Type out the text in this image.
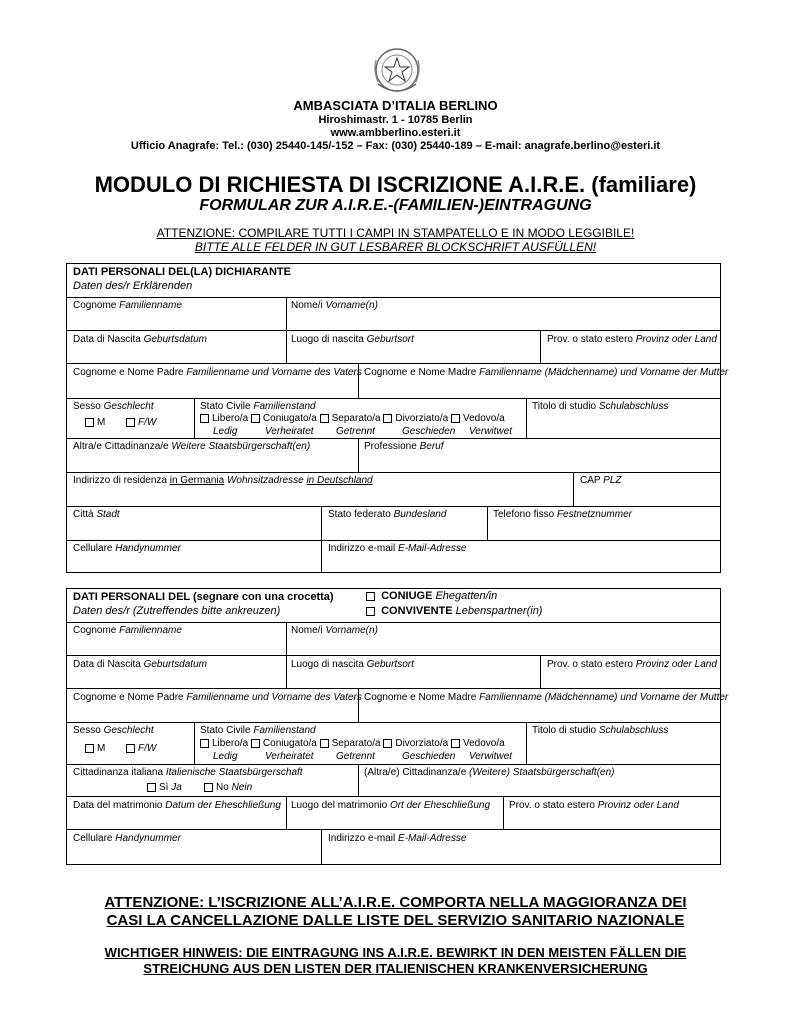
AMBASCIATA D’ITALIA BERLINO
Hiroshimastr. 1 - 10785 Berlin
www.ambberlino.esteri.it
Ufficio Anagrafe: Tel.: (030) 25440-145/-152 – Fax: (030) 25440-189 – E-mail: anagrafe.berlino@esteri.it
MODULO DI RICHIESTA DI ISCRIZIONE A.I.R.E. (familiare)
FORMULAR ZUR A.I.R.E.-(FAMILIEN-)EINTRAGUNG
ATTENZIONE: COMPILARE TUTTI I CAMPI IN STAMPATELLO E IN MODO LEGGIBILE!
BITTE ALLE FELDER IN GUT LESBARER BLOCKSCHRIFT AUSFÜLLEN!
DATI PERSONALI DEL(LA) DICHIARANTE
Daten des/r Erklärenden
Cognome Familienname	Nome/i Vorname(n)
Data di Nascita Geburtsdatum	Luogo di nascita Geburtsort	Prov. o stato estero Provinz oder Land
Cognome e Nome Padre Familienname und Vorname des Vaters Cognome e Nome Madre Familienname (Mädchenname) und Vorname der Mutter
Sesso Geschlecht
M	F/W
Stato Civile Familienstand
Libero/a Coniugato/a Separato/a Divorziato/a Vedovo/a
Ledig	Verheiratet Getrennt	Geschieden Verwitwet
Titolo di studio Schulabschluss
Altra/e Cittadinanza/e Weitere Staatsbürgerschaft(en)	Professione Beruf
Indirizzo di residenza in Germania Wohnsitzadresse in Deutschland	CAP PLZ
Città Stadt	Stato federato Bundesland	Telefono fisso Festnetznummer
Cellulare Handynummer	Indirizzo e-mail E-Mail-Adresse
DATI PERSONALI DEL (segnare con una crocetta)
Daten des/r (Zutreffendes bitte ankreuzen)
CONIUGE Ehegatten/in
CONVIVENTE Lebenspartner(in)
Cognome Familienname	Nome/i Vorname(n)
Data di Nascita Geburtsdatum	Luogo di nascita Geburtsort	Prov. o stato estero Provinz oder Land
Cognome e Nome Padre Familienname und Vorname des Vaters Cognome e Nome Madre Familienname (Mädchenname) und Vorname der Mutter
Sesso Geschlecht
M	F/W
Stato Civile Familienstand
Libero/a Coniugato/a Separato/a Divorziato/a Vedovo/a
Ledig	Verheiratet Getrennt	Geschieden Verwitwet
Titolo di studio Schulabschluss
Cittadinanza italiana Italienische Staatsbürgerschaft
Sì Ja	No Nein
(Altra/e) Cittadinanza/e (Weitere) Staatsbürgerschaft(en)
Data del matrimonio Datum der Eheschließung Luogo del matrimonio Ort der Eheschließung Prov. o stato estero Provinz oder Land
Cellulare Handynummer	Indirizzo e-mail E-Mail-Adresse
ATTENZIONE: L’ISCRIZIONE ALL’A.I.R.E. COMPORTA NELLA MAGGIORANZA DEI
CASI LA CANCELLAZIONE DALLE LISTE DEL SERVIZIO SANITARIO NAZIONALE
WICHTIGER HINWEIS: DIE EINTRAGUNG INS A.I.R.E. BEWIRKT IN DEN MEISTEN FÄLLEN DIE
STREICHUNG AUS DEN LISTEN DER ITALIENISCHEN KRANKENVERSICHERUNG
